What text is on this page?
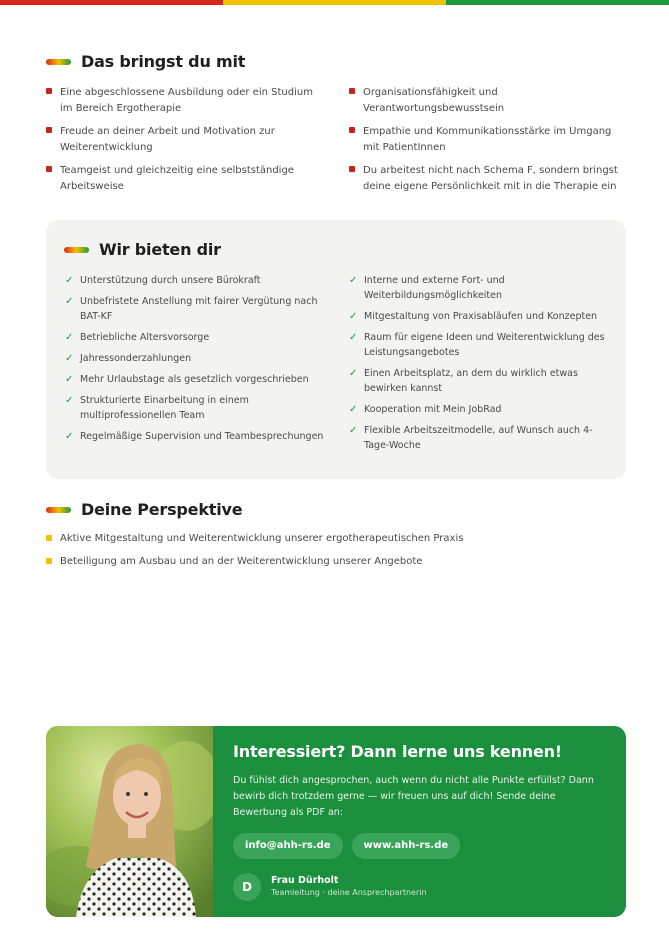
Das bringst du mit
Eine abgeschlossene Ausbildung oder ein Studium im Bereich Ergotherapie
Freude an deiner Arbeit und Motivation zur Weiterentwicklung
Teamgeist und gleichzeitig eine selbstständige Arbeitsweise
Organisationsfähigkeit und Verantwortungsbewusstsein
Empathie und Kommunikationsstärke im Umgang mit PatientInnen
Du arbeitest nicht nach Schema F, sondern bringst deine eigene Persönlichkeit mit in die Therapie ein
Wir bieten dir
✓ Unterstützung durch unsere Bürokraft
✓ Unbefristete Anstellung mit fairer Vergütung nach BAT-KF
✓ Betriebliche Altersvorsorge
✓ Jahressonderzahlungen
✓ Mehr Urlaubstage als gesetzlich vorgeschrieben
✓ Strukturierte Einarbeitung in einem multiprofessionellen Team
✓ Regelmäßige Supervision und Teambesprechungen
✓ Interne und externe Fort- und Weiterbildungsmöglichkeiten
✓ Mitgestaltung von Praxisabläufen und Konzepten
✓ Raum für eigene Ideen und Weiterentwicklung des Leistungsangebotes
✓ Einen Arbeitsplatz, an dem du wirklich etwas bewirken kannst
✓ Kooperation mit Mein JobRad
✓ Flexible Arbeitszeitmodelle, auf Wunsch auch 4-Tage-Woche
Deine Perspektive
Aktive Mitgestaltung und Weiterentwicklung unserer ergotherapeutischen Praxis
Beteiligung am Ausbau und an der Weiterentwicklung unserer Angebote
Interessiert? Dann lerne uns kennen!
Du fühlst dich angesprochen, auch wenn du nicht alle Punkte erfüllst? Dann bewirb dich trotzdem gerne — wir freuen uns auf dich! Sende deine Bewerbung als PDF an:
info@ahh-rs.de	www.ahh-rs.de
D	Frau Dürholt
Teamleitung · deine Ansprechpartnerin
